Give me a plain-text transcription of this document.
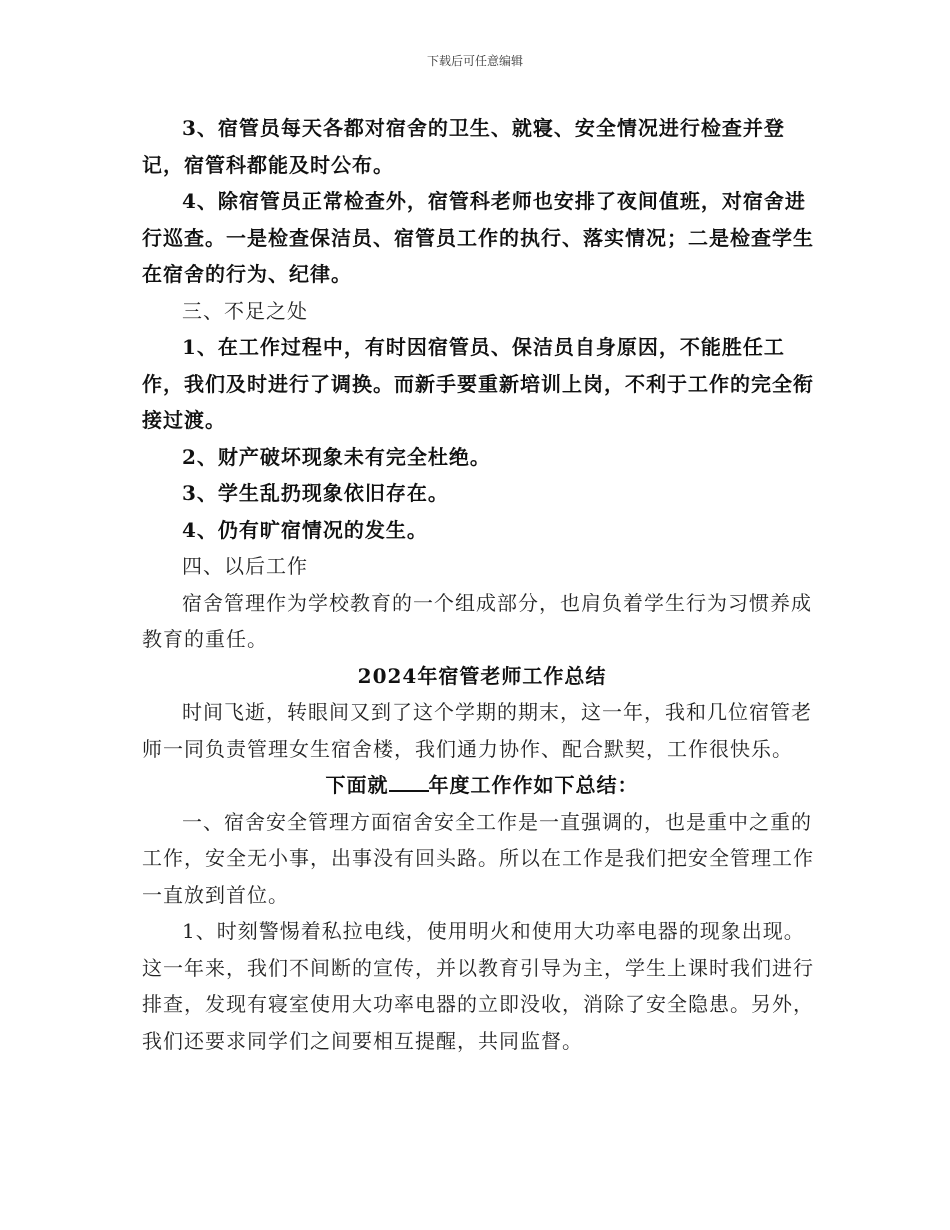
下载后可任意编辑

3、宿管员每天各都对宿舍的卫生、就寝、安全情况进行检查并登记，宿管科都能及时公布。

4、除宿管员正常检查外，宿管科老师也安排了夜间值班，对宿舍进行巡查。一是检查保洁员、宿管员工作的执行、落实情况；二是检查学生在宿舍的行为、纪律。

三、不足之处

1、在工作过程中，有时因宿管员、保洁员自身原因，不能胜任工作，我们及时进行了调换。而新手要重新培训上岗，不利于工作的完全衔接过渡。

2、财产破坏现象未有完全杜绝。

3、学生乱扔现象依旧存在。

4、仍有旷宿情况的发生。

四、以后工作

宿舍管理作为学校教育的一个组成部分，也肩负着学生行为习惯养成教育的重任。

2024年宿管老师工作总结

时间飞逝，转眼间又到了这个学期的期末，这一年，我和几位宿管老师一同负责管理女生宿舍楼，我们通力协作、配合默契，工作很快乐。

下面就 年度工作作如下总结：

一、宿舍安全管理方面宿舍安全工作是一直强调的，也是重中之重的工作，安全无小事，出事没有回头路。所以在工作是我们把安全管理工作一直放到首位。

1、时刻警惕着私拉电线，使用明火和使用大功率电器的现象出现。这一年来，我们不间断的宣传，并以教育引导为主，学生上课时我们进行排查，发现有寝室使用大功率电器的立即没收，消除了安全隐患。另外，我们还要求同学们之间要相互提醒，共同监督。
